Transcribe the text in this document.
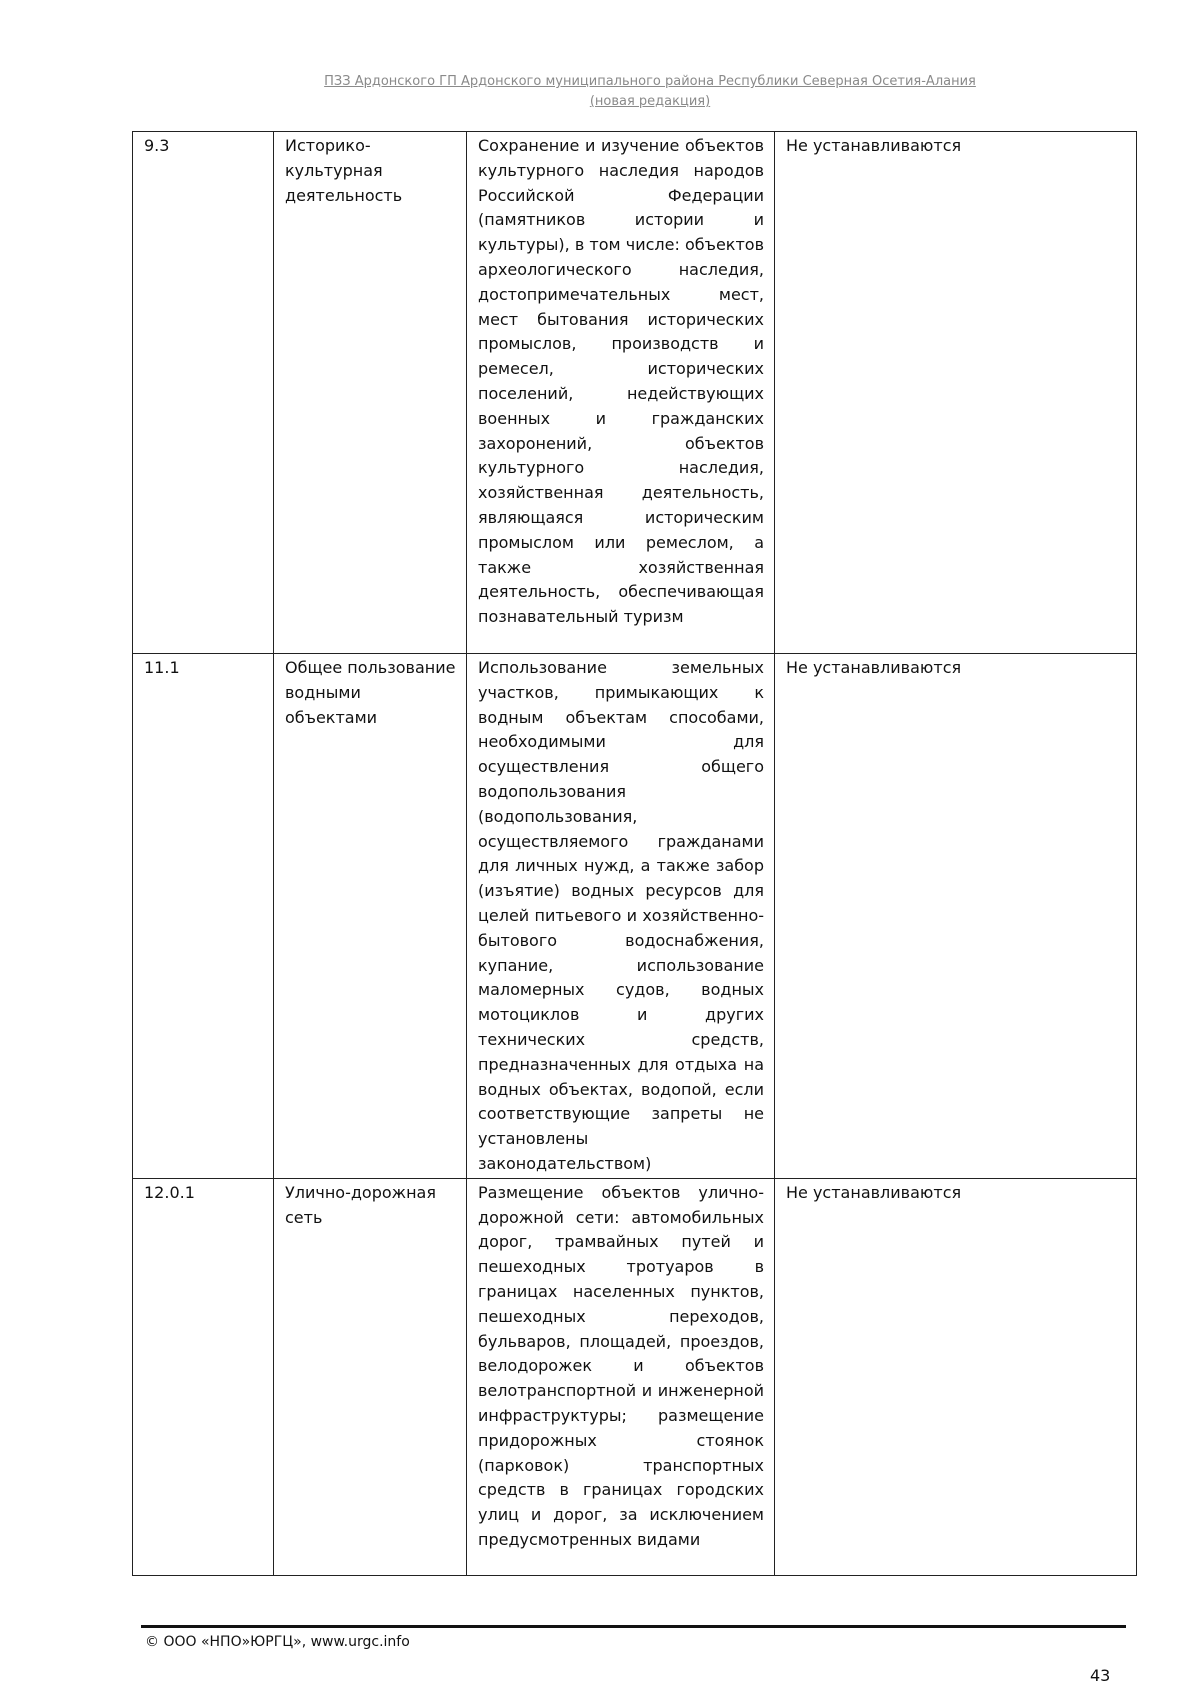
ПЗЗ Ардонского ГП Ардонского муниципального района Республики Северная Осетия-Алания
(новая редакция)
9.3	Историко-культурная деятельность	Сохранение и изучение объектов культурного наследия народов Российской Федерации (памятников истории и культуры), в том числе: объектов археологического наследия, достопримечательных мест, мест бытования исторических промыслов, производств и ремесел, исторических поселений, недействующих военных и гражданских захоронений, объектов культурного наследия, хозяйственная деятельность, являющаяся историческим промыслом или ремеслом, а также хозяйственная деятельность, обеспечивающая познавательный туризм	Не устанавливаются
11.1	Общее пользование водными объектами	Использование земельных участков, примыкающих к водным объектам способами, необходимыми для осуществления общего водопользования (водопользования, осуществляемого гражданами для личных нужд, а также забор (изъятие) водных ресурсов для целей питьевого и хозяйственно-бытового водоснабжения, купание, использование маломерных судов, водных мотоциклов и других технических средств, предназначенных для отдыха на водных объектах, водопой, если соответствующие запреты не установлены законодательством)	Не устанавливаются
12.0.1	Улично-дорожная сеть	Размещение объектов улично-дорожной сети: автомобильных дорог, трамвайных путей и пешеходных тротуаров в границах населенных пунктов, пешеходных переходов, бульваров, площадей, проездов, велодорожек и объектов велотранспортной и инженерной инфраструктуры; размещение придорожных стоянок (парковок) транспортных средств в границах городских улиц и дорог, за исключением предусмотренных видами	Не устанавливаются
© ООО «НПО»ЮРГЦ», www.urgc.info
43
